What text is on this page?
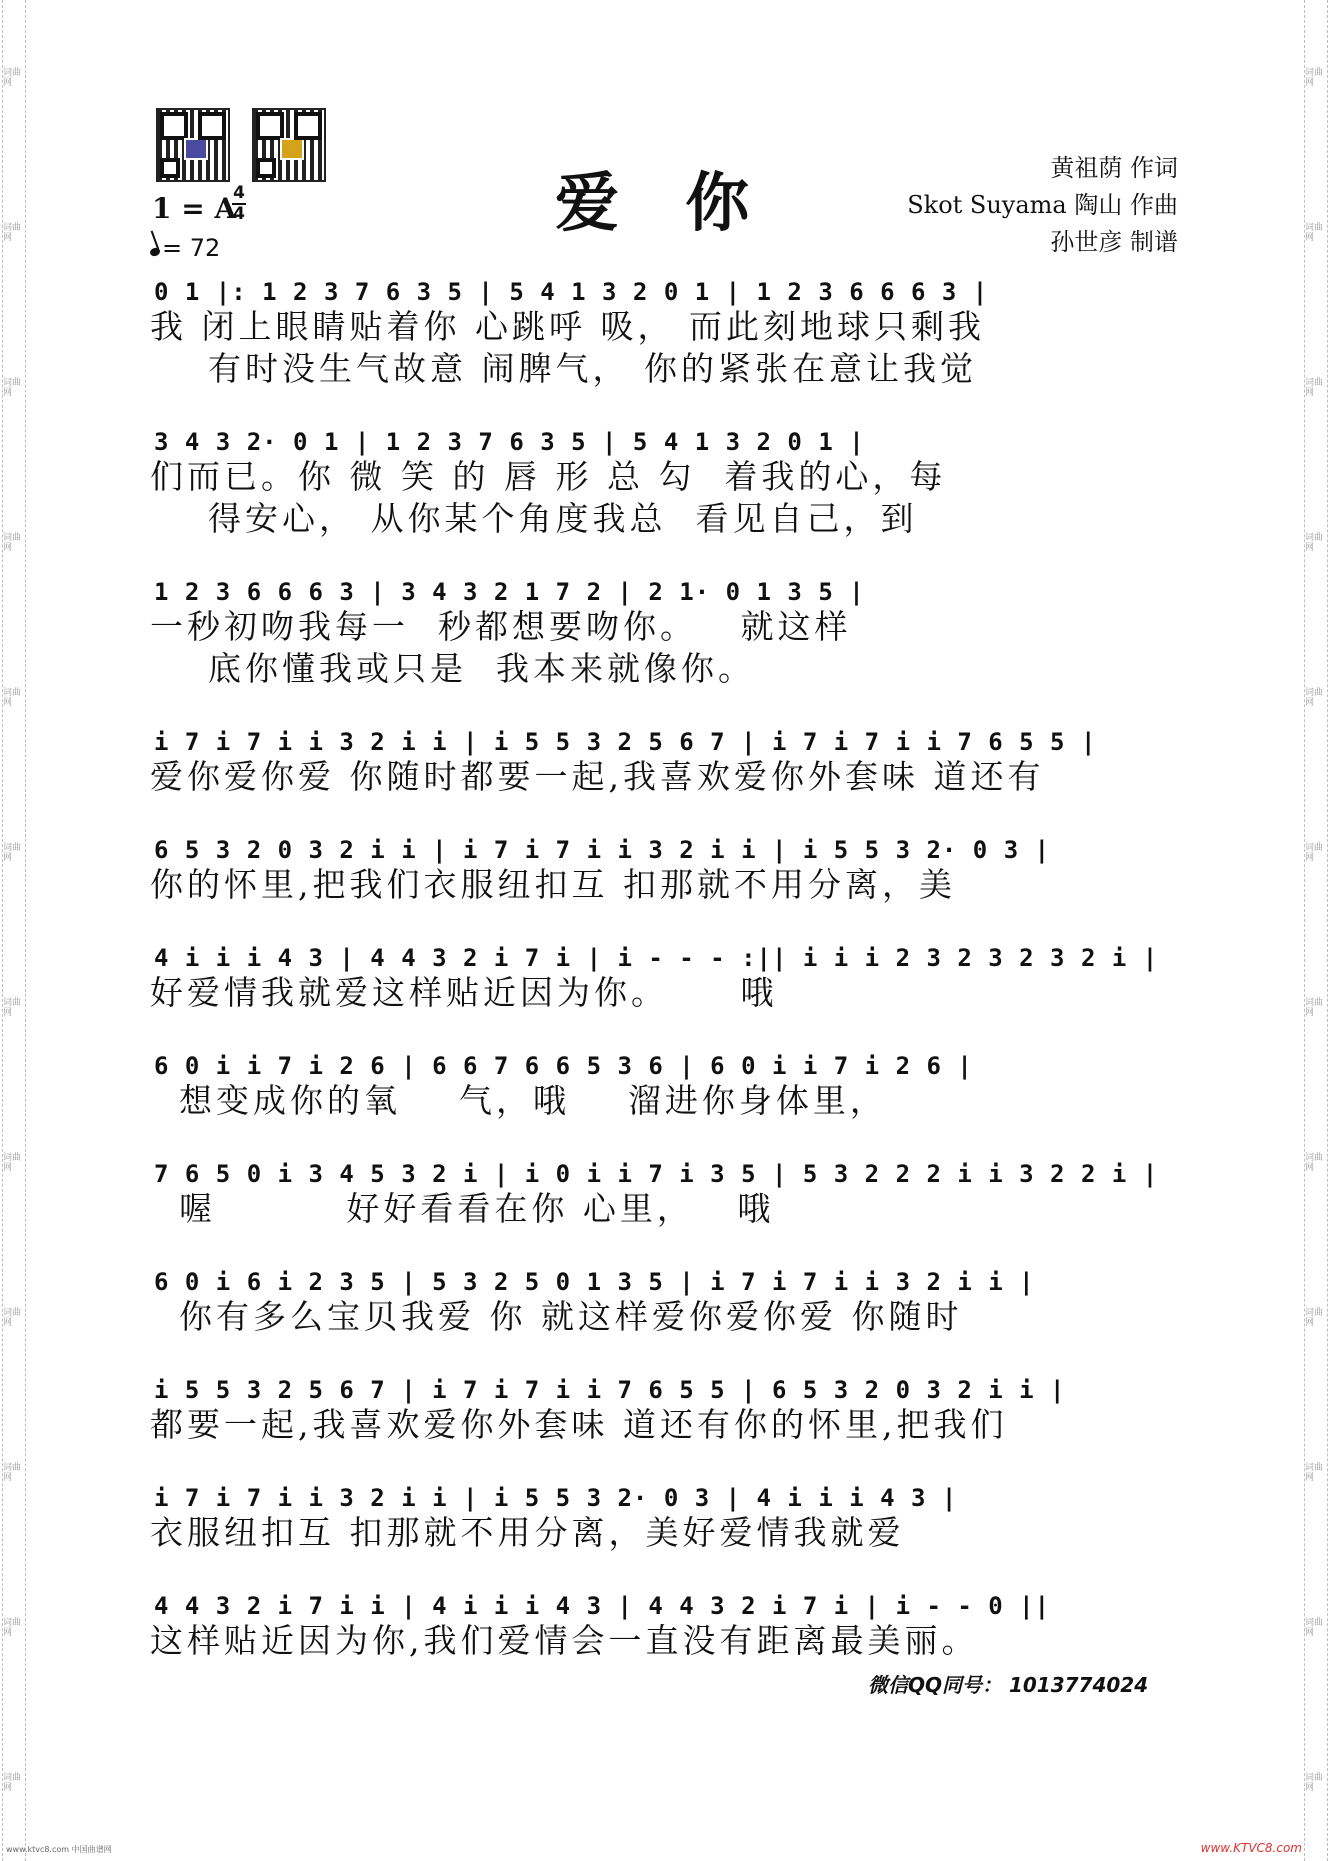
词曲网
词曲网
词曲网
词曲网
词曲网
词曲网
词曲网
词曲网
词曲网
词曲网
词曲网
词曲网
词曲网
词曲网
词曲网
词曲网
词曲网
词曲网
词曲网
词曲网
词曲网
词曲网
词曲网
词曲网
爱 你	黄祖荫 作词
Skot Suyama 陶山 作曲
孙世彦 制谱
1 = A
4
4
= 72
0 1 |: 1 2 3 7 6 3 5 | 5 4 1 3 2 0 1 | 1 2 3 6 6 6 3 |
我 闭上眼睛贴着你 心跳呼 吸， 而此刻地球只剩我
有时没生气故意 闹脾气， 你的紧张在意让我觉
3 4 3 2· 0 1 | 1 2 3 7 6 3 5 | 5 4 1 3 2 0 1 |
们而已。你 微 笑 的 唇 形 总 勾  着我的心，每
得安心， 从你某个角度我总  看见自己，到
1 2 3 6 6 6 3 | 3 4 3 2 1 7 2 | 2 1· 0 1 3 5 |
一秒初吻我每一  秒都想要吻你。   就这样
底你懂我或只是  我本来就像你。
i 7 i 7 i i 3 2 i i | i 5 5 3 2 5 6 7 | i 7 i 7 i i 7 6 5 5 |
爱你爱你爱 你随时都要一起,我喜欢爱你外套味 道还有
6 5 3 2 0 3 2 i i | i 7 i 7 i i 3 2 i i | i 5 5 3 2· 0 3 |
你的怀里,把我们衣服纽扣互 扣那就不用分离，美
4 i i i 4 3 | 4 4 3 2 i 7 i | i - - - :|| i i i 2 3 2 3 2 3 2 i |
好爱情我就爱这样贴近因为你。     哦
6 0 i i 7 i 2 6 | 6 6 7 6 6 5 3 6 | 6 0 i i 7 i 2 6 |
想变成你的氧    气，哦    溜进你身体里，
7 6 5 0 i 3 4 5 3 2 i | i 0 i i 7 i 3 5 | 5 3 2 2 2 i i 3 2 2 i |
喔         好好看看在你 心里，   哦
6 0 i 6 i 2 3 5 | 5 3 2 5 0 1 3 5 | i 7 i 7 i i 3 2 i i |
你有多么宝贝我爱 你 就这样爱你爱你爱 你随时
i 5 5 3 2 5 6 7 | i 7 i 7 i i 7 6 5 5 | 6 5 3 2 0 3 2 i i |
都要一起,我喜欢爱你外套味 道还有你的怀里,把我们
i 7 i 7 i i 3 2 i i | i 5 5 3 2· 0 3 | 4 i i i 4 3 |
衣服纽扣互 扣那就不用分离，美好爱情我就爱
4 4 3 2 i 7 i i | 4 i i i 4 3 | 4 4 3 2 i 7 i | i - - 0 ||
这样贴近因为你,我们爱情会一直没有距离最美丽。
微信QQ同号： 1013774024
www.ktvc8.com 中国曲谱网	www.KTVC8.com
